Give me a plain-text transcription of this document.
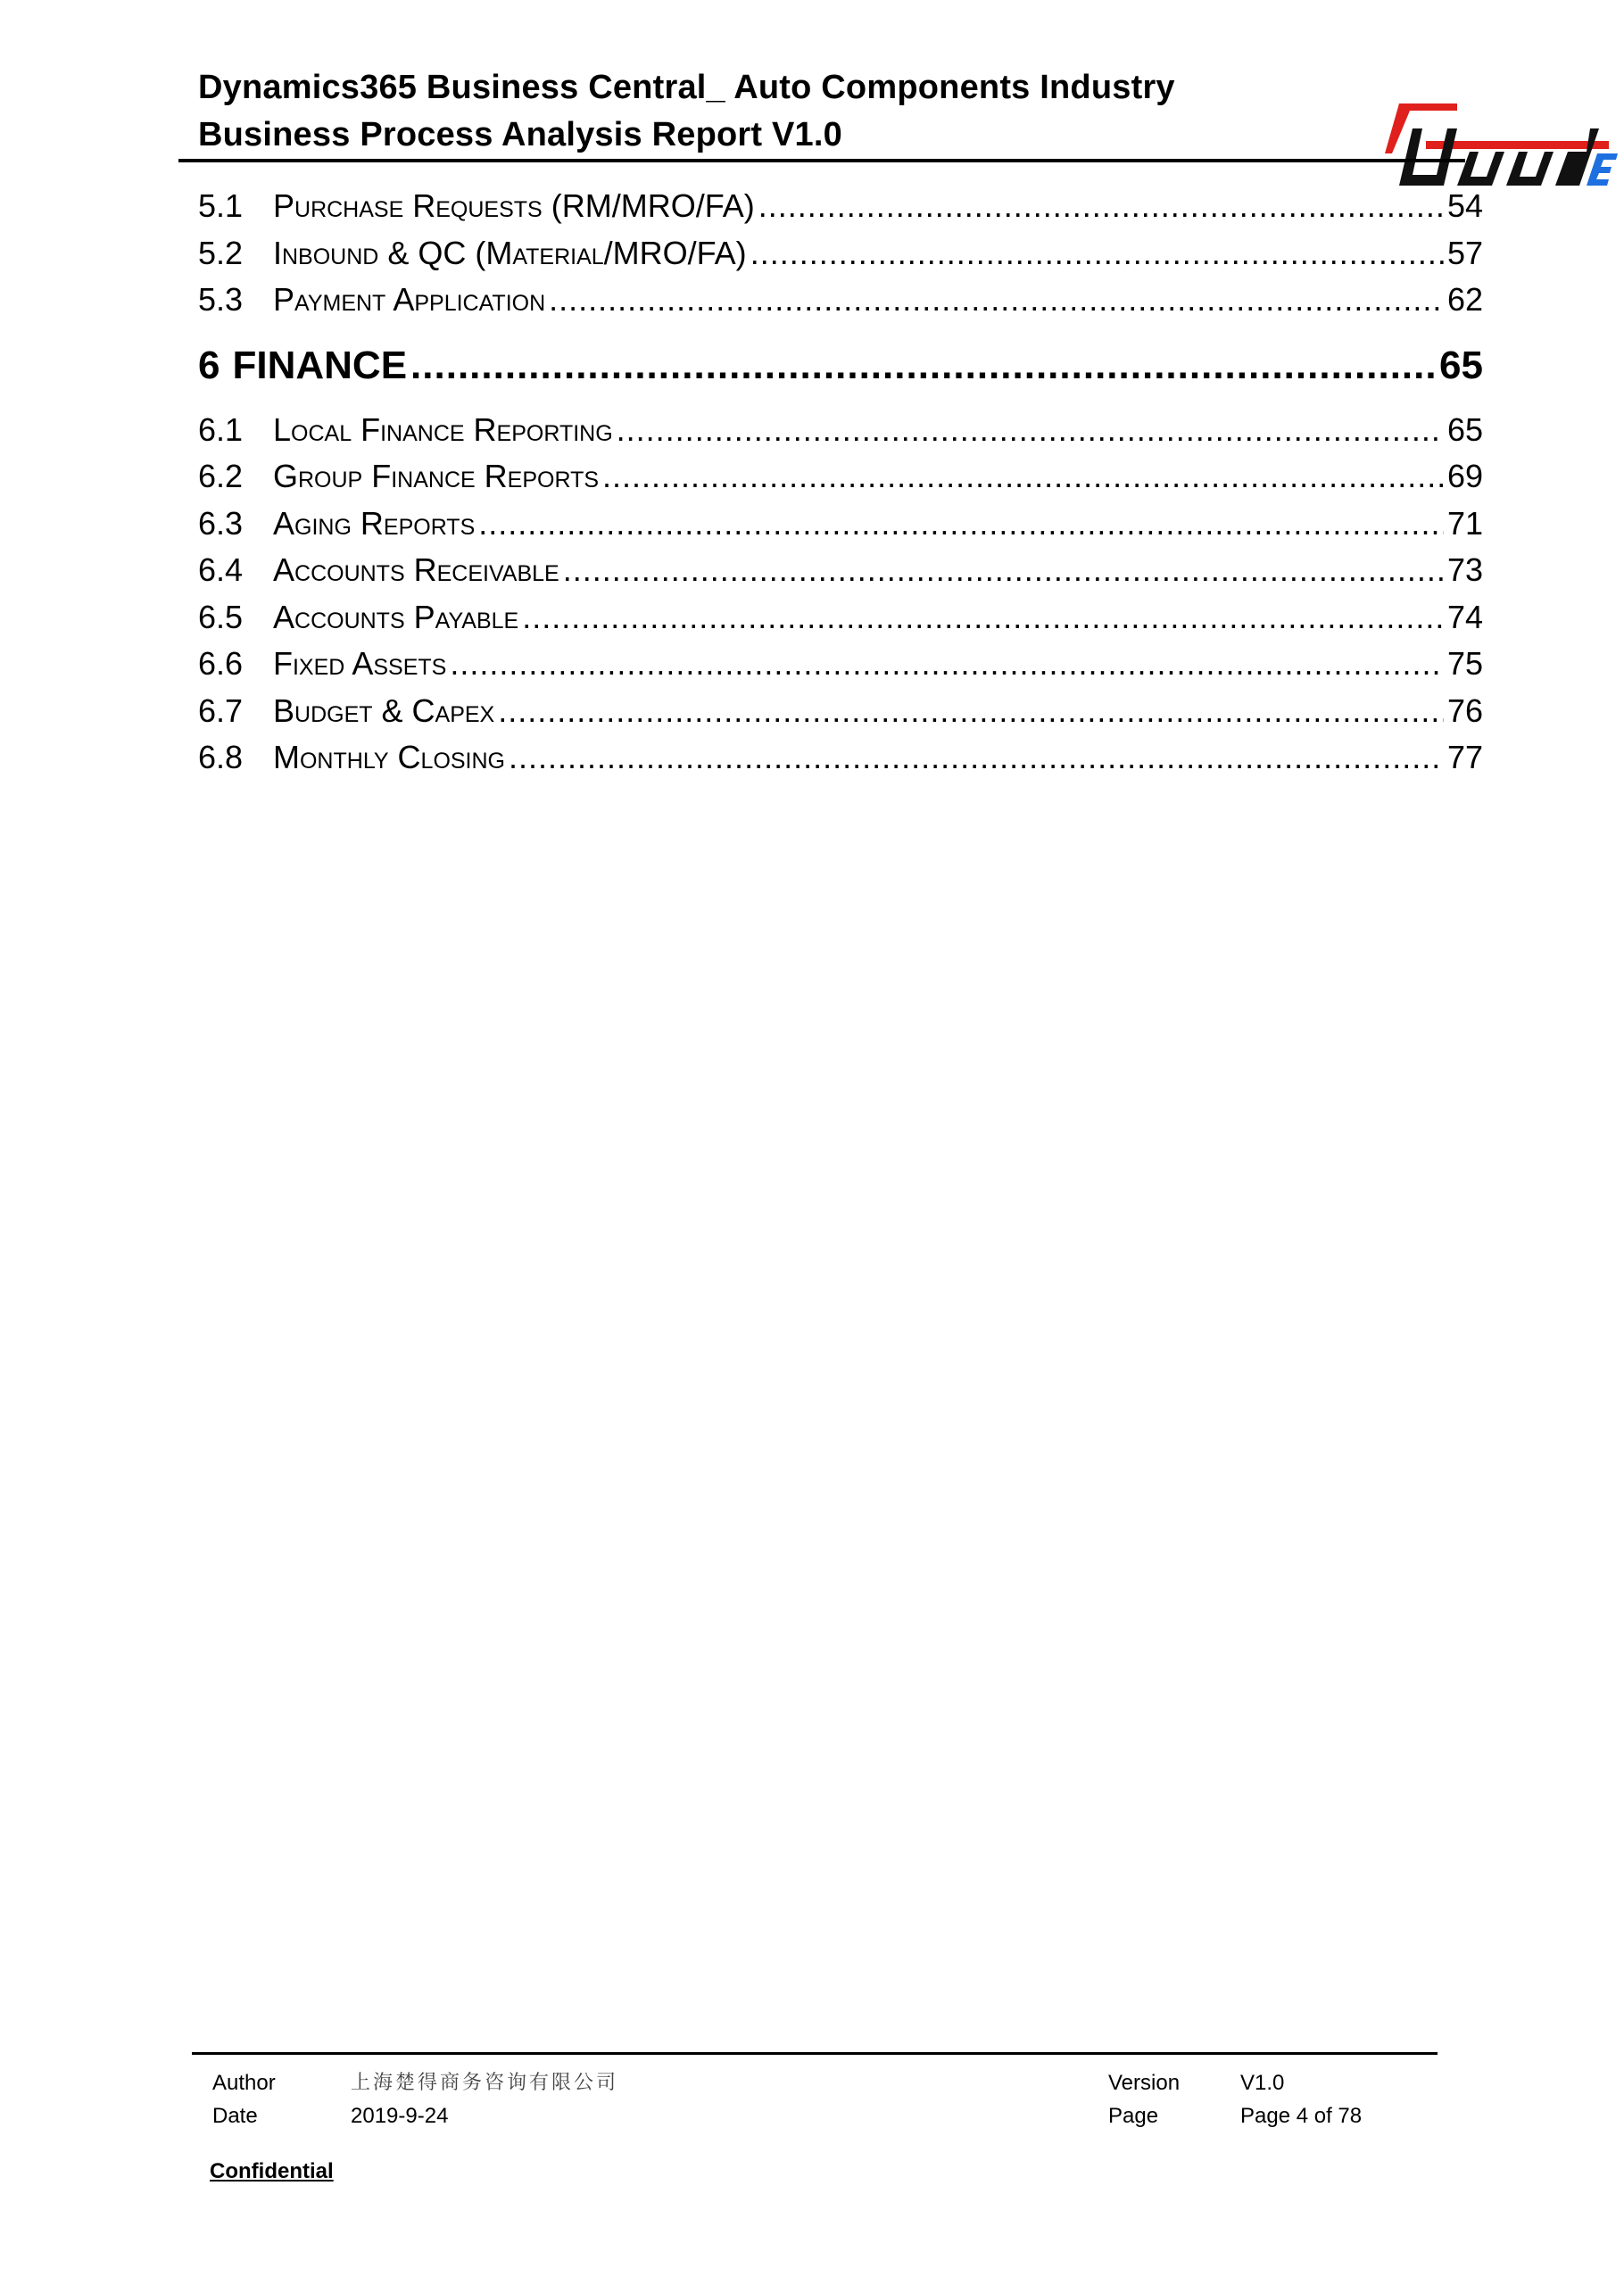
Dynamics365 Business Central_ Auto Components Industry
Business Process Analysis Report V1.0
5.1 Purchase Requests (RM/MRO/FA) .....	54
5.2 Inbound & QC (Material/MRO/FA) .....	57
5.3 Payment Application .....	62
6 FINANCE .....	65
6.1 Local Finance Reporting .....	65
6.2 Group Finance Reports .....	69
6.3 Aging Reports .....	71
6.4 Accounts Receivable .....	73
6.5 Accounts Payable .....	74
6.6 Fixed Assets .....	75
6.7 Budget & Capex .....	76
6.8 Monthly Closing .....	77
Author	上海楚得商务咨询有限公司	Version	V1.0
Date	2019-9-24	Page	Page 4 of 78
Confidential
